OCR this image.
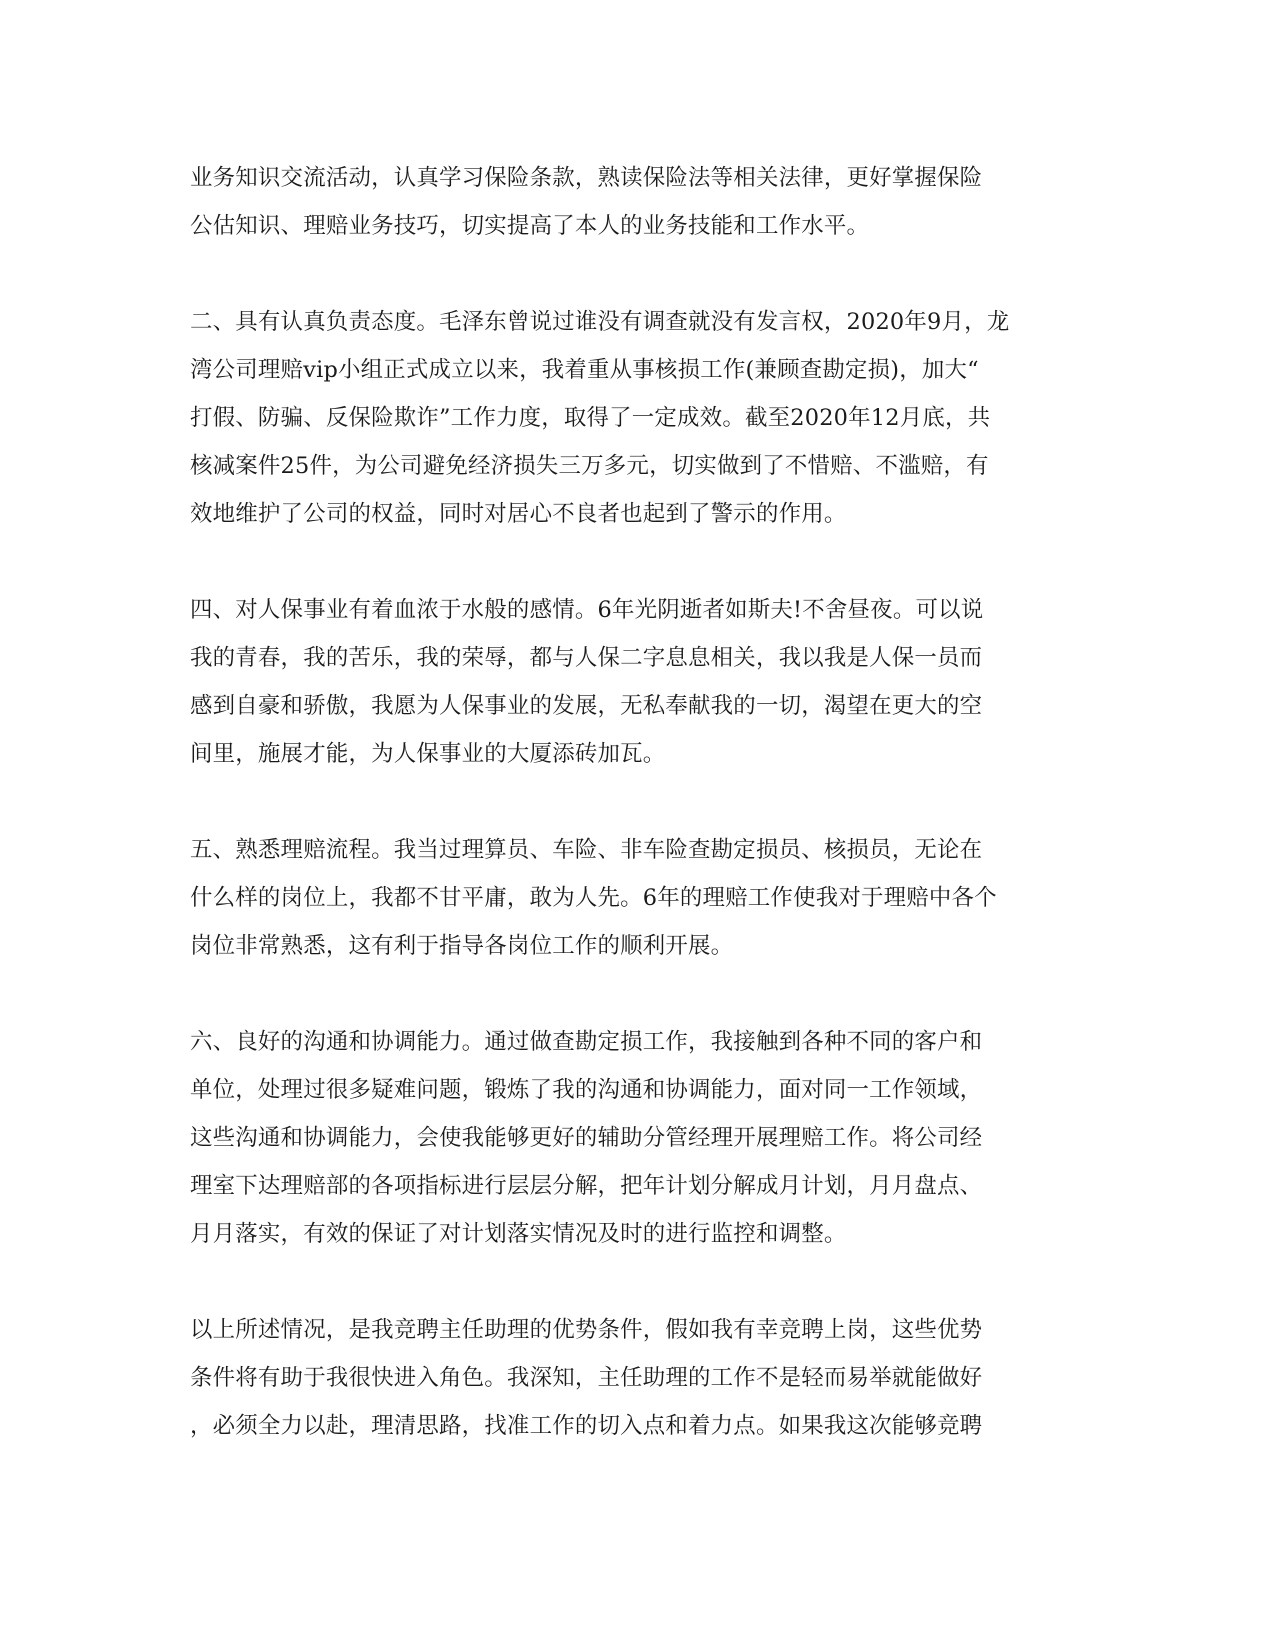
业务知识交流活动，认真学习保险条款，熟读保险法等相关法律，更好掌握保险
公估知识、理赔业务技巧，切实提高了本人的业务技能和工作水平。
二、具有认真负责态度。毛泽东曾说过谁没有调查就没有发言权，2020年9月，龙
湾公司理赔vip小组正式成立以来，我着重从事核损工作(兼顾查勘定损)，加大“
打假、防骗、反保险欺诈”工作力度，取得了一定成效。截至2020年12月底，共
核减案件25件，为公司避免经济损失三万多元，切实做到了不惜赔、不滥赔，有
效地维护了公司的权益，同时对居心不良者也起到了警示的作用。
四、对人保事业有着血浓于水般的感情。6年光阴逝者如斯夫!不舍昼夜。可以说
我的青春，我的苦乐，我的荣辱，都与人保二字息息相关，我以我是人保一员而
感到自豪和骄傲，我愿为人保事业的发展，无私奉献我的一切，渴望在更大的空
间里，施展才能，为人保事业的大厦添砖加瓦。
五、熟悉理赔流程。我当过理算员、车险、非车险查勘定损员、核损员，无论在
什么样的岗位上，我都不甘平庸，敢为人先。6年的理赔工作使我对于理赔中各个
岗位非常熟悉，这有利于指导各岗位工作的顺利开展。
六、良好的沟通和协调能力。通过做查勘定损工作，我接触到各种不同的客户和
单位，处理过很多疑难问题，锻炼了我的沟通和协调能力，面对同一工作领域，
这些沟通和协调能力，会使我能够更好的辅助分管经理开展理赔工作。将公司经
理室下达理赔部的各项指标进行层层分解，把年计划分解成月计划，月月盘点、
月月落实，有效的保证了对计划落实情况及时的进行监控和调整。
以上所述情况，是我竞聘主任助理的优势条件，假如我有幸竞聘上岗，这些优势
条件将有助于我很快进入角色。我深知，主任助理的工作不是轻而易举就能做好
，必须全力以赴，理清思路，找准工作的切入点和着力点。如果我这次能够竞聘
